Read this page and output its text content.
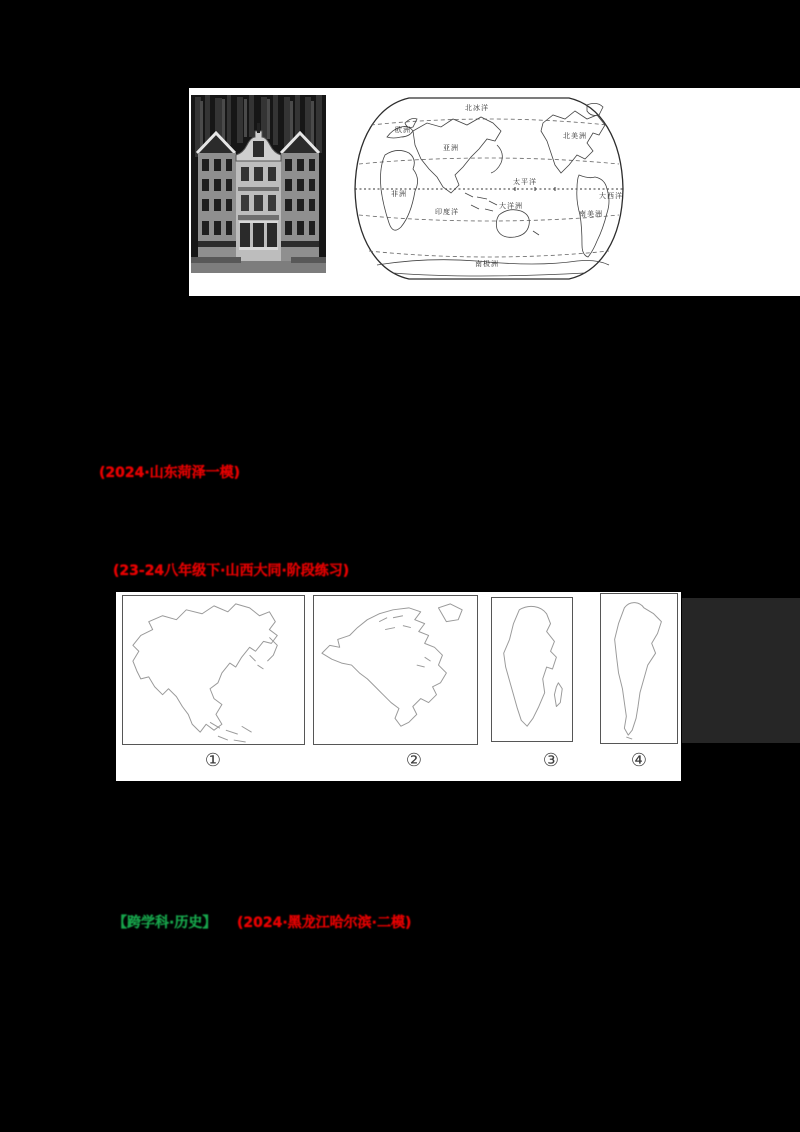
北冰洋
欧洲
亚洲
北美洲
太平洋
大西洋
非洲
印度洋
大洋洲
南美洲
南极洲
(2024·山东菏泽一模)
(23-24八年级下·山西大同·阶段练习)
①	②	③	④
【跨学科·历史】 (2024·黑龙江哈尔滨·二模)
